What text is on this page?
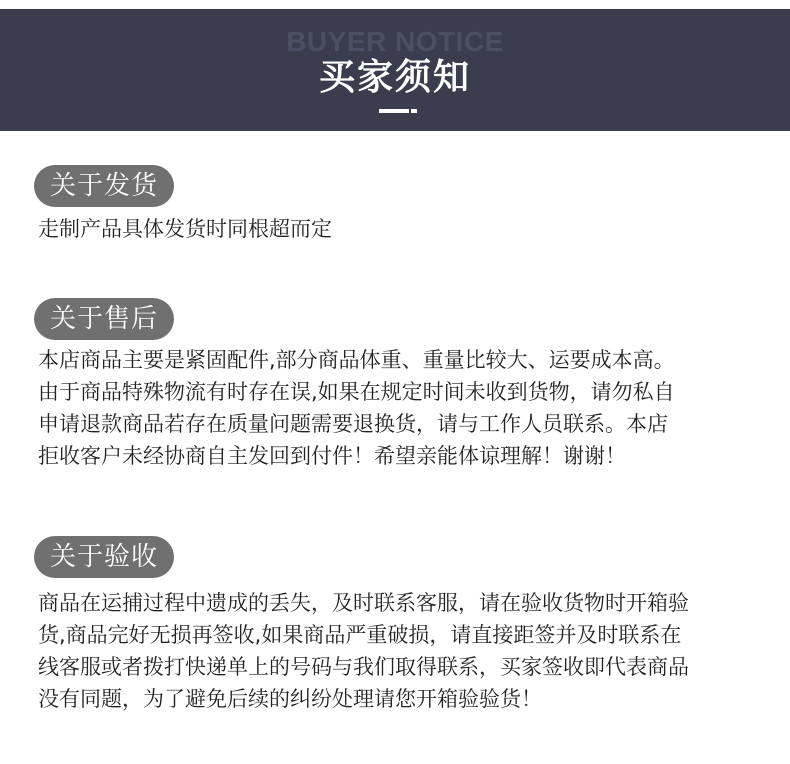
BUYER NOTICE
买家须知
关于发货
走制产品具体发货时同根超而定
关于售后
本店商品主要是紧固配件,部分商品体重、重量比较大、运要成本高。
由于商品特殊物流有时存在误,如果在规定时间未收到货物，请勿私自
申请退款商品若存在质量问题需要退换货，请与工作人员联系。本店
拒收客户未经协商自主发回到付件！希望亲能体谅理解！谢谢！
关于验收
商品在运捕过程中遗成的丢失，及时联系客服，请在验收货物时开箱验
货,商品完好无损再签收,如果商品严重破损，请直接距签并及时联系在
线客服或者拨打快递单上的号码与我们取得联系，买家签收即代表商品
没有同题，为了避免后续的纠纷处理请您开箱验验货！
